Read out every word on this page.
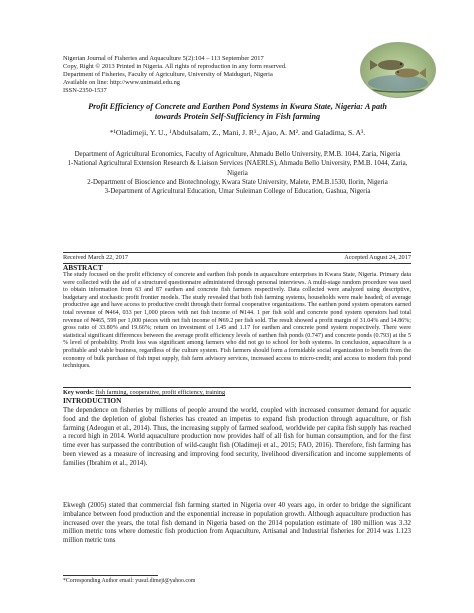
Nigerian Journal of Fisheries and Aquaculture 5(2):104 – 113 September 2017
Copy, Right © 2013 Printed in Nigeria. All rights of reproduction in any form reserved.
Department of Fisheries, Faculty of Agriculture, University of Maiduguri, Nigeria
Available on line: http://www.unimaid.edu.ng
ISSN-2350-1537
Profit Efficiency of Concrete and Earthen Pond Systems in Kwara State, Nigeria: A path towards Protein Self-Sufficiency in Fish farming
*¹Oladimeji, Y. U., ¹Abdulsalam, Z., Mani, J. R¹., Ajao, A. M². and Galadima, S. A³.

Department of Agricultural Economics, Faculty of Agriculture, Ahmadu Bello University, P.M.B. 1044, Zaria, Nigeria

1-National Agricultural Extension Research & Liaison Services (NAERLS), Ahmadu Bello University, P.M.B. 1044, Zaria, Nigeria

2-Department of Bioscience and Biotechnology, Kwara State University, Malete, P.M.B.1530, Ilorin, Nigeria

3-Department of Agricultural Education, Umar Suleiman College of Education, Gashua, Nigeria

Received March 22, 2017	Accepted August 24, 2017
ABSTRACT
The study focused on the profit efficiency of concrete and earthen fish ponds in aquaculture enterprises in Kwara State, Nigeria. Primary data were collected with the aid of a structured questionnaire administered through personal interviews. A multi-stage random procedure was used to obtain information from 63 and 87 earthen and concrete fish farmers respectively. Data collected were analyzed using descriptive, budgetary and stochastic profit frontier models. The study revealed that both fish farming systems, households were male headed; of average productive age and have access to productive credit through their formal cooperative organizations. The earthen pond system operators earned total revenue of ₦464, 033 per 1,000 pieces with net fish income of ₦144. 1 per fish sold and concrete pond system operators had total revenue of ₦465, 599 per 1,000 pieces with net fish income of ₦69.2 per fish sold. The result showed a profit margin of 31.04% and 14.86%; gross ratio of 33.80% and 19.66%; return on investment of 1.45 and 1.17 for earthen and concrete pond system respectively. There were statistical significant differences between the average profit efficiency levels of earthen fish ponds (0.747) and concrete ponds (0.793) at the 5 % level of probability. Profit loss was significant among farmers who did not go to school for both systems. In conclusion, aquaculture is a profitable and viable business, regardless of the culture system. Fish farmers should form a formidable social organization to benefit from the economy of bulk purchase of fish input supply, fish farm advisory services, increased access to micro-credit; and access to modern fish pond techniques.
Key words: fish farming, cooperative, profit efficiency, training
INTRODUCTION
The dependence on fisheries by millions of people around the world, coupled with increased consumer demand for aquatic food and the depletion of global fisheries has created an impetus to expand fish production through aquaculture, or fish farming (Adeogun et al., 2014). Thus, the increasing supply of farmed seafood, worldwide per capita fish supply has reached a record high in 2014. World aquaculture production now provides half of all fish for human consumption, and for the first time ever has surpassed the contribution of wild-caught fish (Oladimeji et al., 2015; FAO, 2016). Therefore, fish farming has been viewed as a measure of increasing and improving food security, livelihood diversification and income supplements of families (Ibrahim et al., 2014).
Ekwegh (2005) stated that commercial fish farming started in Nigeria over 40 years ago, in order to bridge the significant imbalance between food production and the exponential increase in population growth. Although aquaculture production has increased over the years, the total fish demand in Nigeria based on the 2014 population estimate of 180 million was 3.32 million metric tons where domestic fish production from Aquaculture, Artisanal and Industrial fisheries for 2014 was 1.123 million metric tons
*Corresponding Author email: yusuf.dimeji@yahoo.com
